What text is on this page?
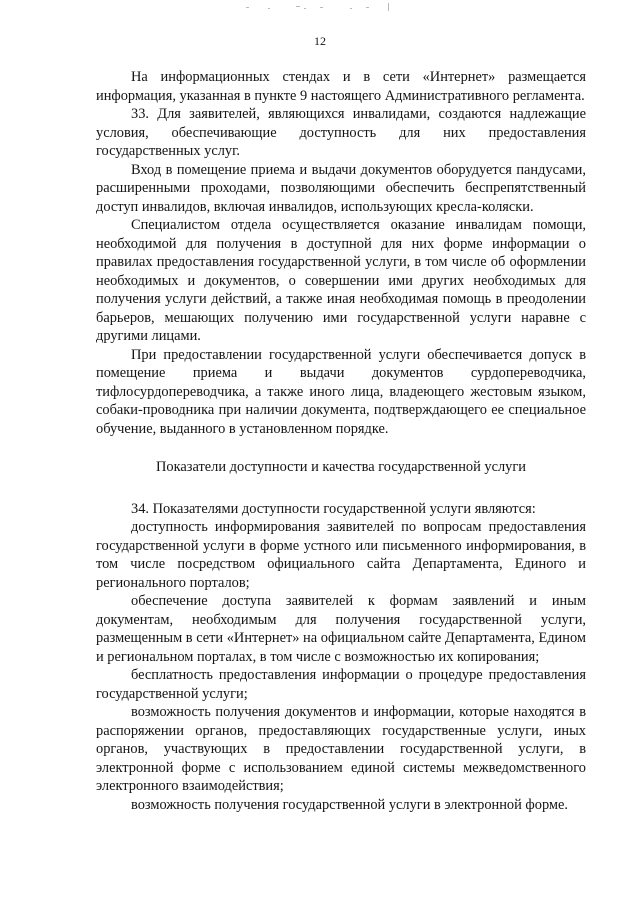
12

На информационных стендах и в сети «Интернет» размещается информация, указанная в пункте 9 настоящего Административного регламента.

33. Для заявителей, являющихся инвалидами, создаются надлежащие условия, обеспечивающие доступность для них предоставления государственных услуг.

Вход в помещение приема и выдачи документов оборудуется пандусами, расширенными проходами, позволяющими обеспечить беспрепятственный доступ инвалидов, включая инвалидов, использующих кресла-коляски.

Специалистом отдела осуществляется оказание инвалидам помощи, необходимой для получения в доступной для них форме информации о правилах предоставления государственной услуги, в том числе об оформлении необходимых и документов, о совершении ими других необходимых для получения услуги действий, а также иная необходимая помощь в преодолении барьеров, мешающих получению ими государственной услуги наравне с другими лицами.

При предоставлении государственной услуги обеспечивается допуск в помещение приема и выдачи документов сурдопереводчика, тифлосурдопереводчика, а также иного лица, владеющего жестовым языком, собаки-проводника при наличии документа, подтверждающего ее специальное обучение, выданного в установленном порядке.

Показатели доступности и качества государственной услуги

34. Показателями доступности государственной услуги являются:

доступность информирования заявителей по вопросам предоставления государственной услуги в форме устного или письменного информирования, в том числе посредством официального сайта Департамента, Единого и регионального порталов;

обеспечение доступа заявителей к формам заявлений и иным документам, необходимым для получения государственной услуги, размещенным в сети «Интернет» на официальном сайте Департамента, Едином и региональном порталах, в том числе с возможностью их копирования;

бесплатность предоставления информации о процедуре предоставления государственной услуги;

возможность получения документов и информации, которые находятся в распоряжении органов, предоставляющих государственные услуги, иных органов, участвующих в предоставлении государственной услуги, в электронной форме с использованием единой системы межведомственного электронного взаимодействия;

возможность получения государственной услуги в электронной форме.
